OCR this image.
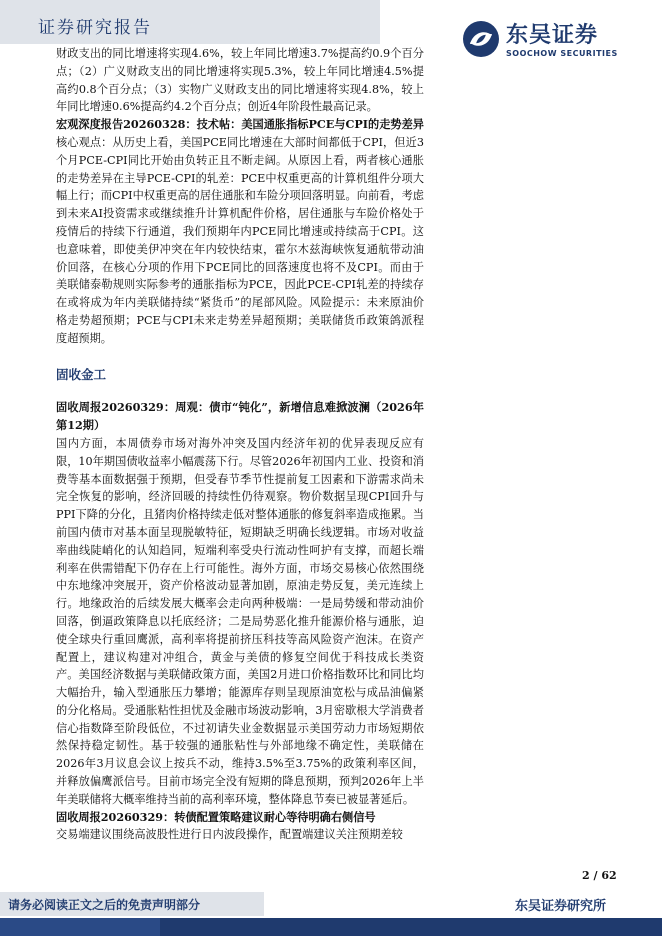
证券研究报告	东吴证券
SOOCHOW SECURITIES

财政支出的同比增速将实现4.6%，较上年同比增速3.7%提高约0.9个百分点；（2）广义财政支出的同比增速将实现5.3%，较上年同比增速4.5%提高约0.8个百分点；（3）实物广义财政支出的同比增速将实现4.8%，较上年同比增速0.6%提高约4.2个百分点；创近4年阶段性最高记录。

宏观深度报告20260328：技术帖：美国通胀指标PCE与CPI的走势差异

核心观点：从历史上看，美国PCE同比增速在大部时间都低于CPI，但近3个月PCE-CPI同比开始由负转正且不断走阔。从原因上看，两者核心通胀的走势差异在主导PCE-CPI的轧差：PCE中权重更高的计算机组件分项大幅上行；而CPI中权重更高的居住通胀和车险分项回落明显。向前看，考虑到未来AI投资需求或继续推升计算机配件价格，居住通胀与车险价格处于疫情后的持续下行通道，我们预期年内PCE同比增速或持续高于CPI。这也意味着，即使美伊冲突在年内较快结束，霍尔木兹海峡恢复通航带动油价回落，在核心分项的作用下PCE同比的回落速度也将不及CPI。而由于美联储泰勒规则实际参考的通胀指标为PCE，因此PCE-CPI轧差的持续存在或将成为年内美联储持续“紧货币”的尾部风险。风险提示：未来原油价格走势超预期；PCE与CPI未来走势差异超预期；美联储货币政策鸽派程度超预期。

固收金工

固收周报20260329：周观：债市“钝化”，新增信息难掀波澜（2026年第12期）

国内方面，本周债券市场对海外冲突及国内经济年初的优异表现反应有限，10年期国债收益率小幅震荡下行。尽管2026年初国内工业、投资和消费等基本面数据强于预期，但受春节季节性提前复工因素和下游需求尚未完全恢复的影响，经济回暖的持续性仍待观察。物价数据呈现CPI回升与PPI下降的分化，且猪肉价格持续走低对整体通胀的修复斜率造成拖累。当前国内债市对基本面呈现脱敏特征，短期缺乏明确长线逻辑。市场对收益率曲线陡峭化的认知趋同，短端利率受央行流动性呵护有支撑，而超长端利率在供需错配下仍存在上行可能性。海外方面，市场交易核心依然围绕中东地缘冲突展开，资产价格波动显著加剧，原油走势反复，美元连续上行。地缘政治的后续发展大概率会走向两种极端：一是局势缓和带动油价回落，倒逼政策降息以托底经济；二是局势恶化推升能源价格与通胀，迫使全球央行重回鹰派，高利率将提前挤压科技等高风险资产泡沫。在资产配置上，建议构建对冲组合，黄金与美债的修复空间优于科技成长类资产。美国经济数据与美联储政策方面，美国2月进口价格指数环比和同比均大幅抬升，输入型通胀压力攀增；能源库存则呈现原油宽松与成品油偏紧的分化格局。受通胀粘性担忧及金融市场波动影响，3月密歇根大学消费者信心指数降至阶段低位，不过初请失业金数据显示美国劳动力市场短期依然保持稳定韧性。基于较强的通胀粘性与外部地缘不确定性，美联储在2026年3月议息会议上按兵不动，维持3.5%至3.75%的政策利率区间，并释放偏鹰派信号。目前市场完全没有短期的降息预期，预判2026年上半年美联储将大概率维持当前的高利率环境，整体降息节奏已被显著延后。

固收周报20260329：转债配置策略建议耐心等待明确右侧信号

交易端建议围绕高波股性进行日内波段操作，配置端建议关注预期差较

2 / 62
请务必阅读正文之后的免责声明部分	东吴证券研究所
